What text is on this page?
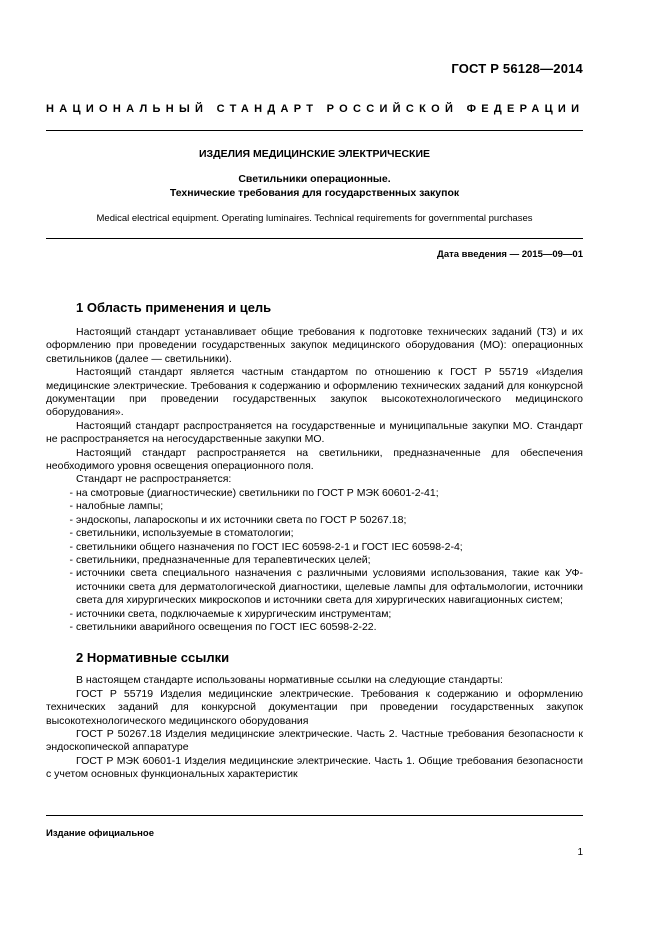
ГОСТ Р 56128—2014
НАЦИОНАЛЬНЫЙ СТАНДАРТ РОССИЙСКОЙ ФЕДЕРАЦИИ
ИЗДЕЛИЯ МЕДИЦИНСКИЕ ЭЛЕКТРИЧЕСКИЕ
Светильники операционные.
Технические требования для государственных закупок
Medical electrical equipment. Operating luminaires. Technical requirements for governmental purchases
Дата введения — 2015—09—01
1 Область применения и цель

Настоящий стандарт устанавливает общие требования к подготовке технических заданий (ТЗ) и их оформлению при проведении государственных закупок медицинского оборудования (МО): операционных светильников (далее — светильники).

Настоящий стандарт является частным стандартом по отношению к ГОСТ Р 55719 «Изделия медицинские электрические. Требования к содержанию и оформлению технических заданий для конкурсной документации при проведении государственных закупок высокотехнологического медицинского оборудования».

Настоящий стандарт распространяется на государственные и муниципальные закупки МО. Стандарт не распространяется на негосударственные закупки МО.

Настоящий стандарт распространяется на светильники, предназначенные для обеспечения необходимого уровня освещения операционного поля.

Стандарт не распространяется:

- на смотровые (диагностические) светильники по ГОСТ Р МЭК 60601-2-41;
- налобные лампы;
- эндоскопы, лапароскопы и их источники света по ГОСТ Р 50267.18;
- светильники, используемые в стоматологии;
- светильники общего назначения по ГОСТ IEC 60598-2-1 и ГОСТ IEC 60598-2-4;
- светильники, предназначенные для терапевтических целей;
- источники света специального назначения с различными условиями использования, такие как УФ-источники света для дерматологической диагностики, щелевые лампы для офтальмологии, источники света для хирургических микроскопов и источники света для хирургических навигационных систем;
- источники света, подключаемые к хирургическим инструментам;
- светильники аварийного освещения по ГОСТ IEC 60598-2-22.
2 Нормативные ссылки

В настоящем стандарте использованы нормативные ссылки на следующие стандарты:

ГОСТ Р 55719 Изделия медицинские электрические. Требования к содержанию и оформлению технических заданий для конкурсной документации при проведении государственных закупок высокотехнологического медицинского оборудования

ГОСТ Р 50267.18 Изделия медицинские электрические. Часть 2. Частные требования безопасности к эндоскопической аппаратуре

ГОСТ Р МЭК 60601-1 Изделия медицинские электрические. Часть 1. Общие требования безопасности с учетом основных функциональных характеристик

Издание официальное
1
